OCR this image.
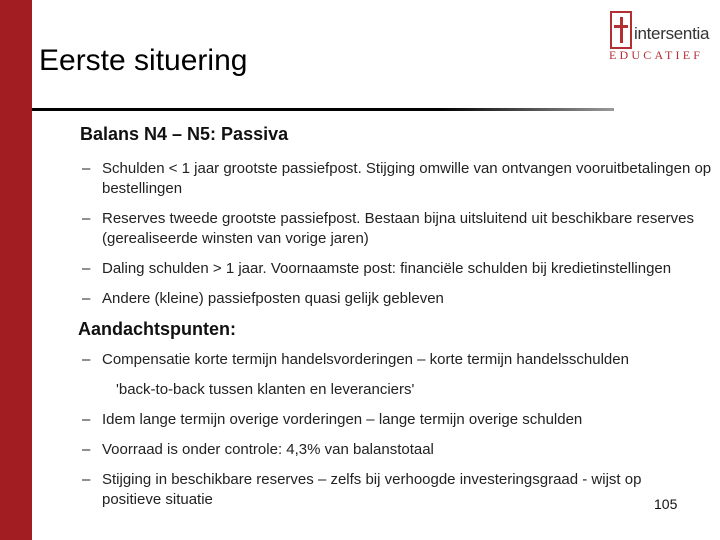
Eerste situering
intersentia
EDUCATIEF
Balans N4 – N5: Passiva
– Schulden < 1 jaar grootste passiefpost. Stijging omwille van ontvangen vooruitbetalingen op bestellingen
– Reserves tweede grootste passiefpost. Bestaan bijna uitsluitend uit beschikbare reserves (gerealiseerde winsten van vorige jaren)
– Daling schulden > 1 jaar. Voornaamste post: financiële schulden bij kredietinstellingen
– Andere (kleine) passiefposten quasi gelijk gebleven
Aandachtspunten:
– Compensatie korte termijn handelsvorderingen – korte termijn handelsschulden
'back-to-back tussen klanten en leveranciers'
– Idem lange termijn overige vorderingen – lange termijn overige schulden
– Voorraad is onder controle: 4,3% van balanstotaal
– Stijging in beschikbare reserves – zelfs bij verhoogde investeringsgraad - wijst op positieve situatie	105
